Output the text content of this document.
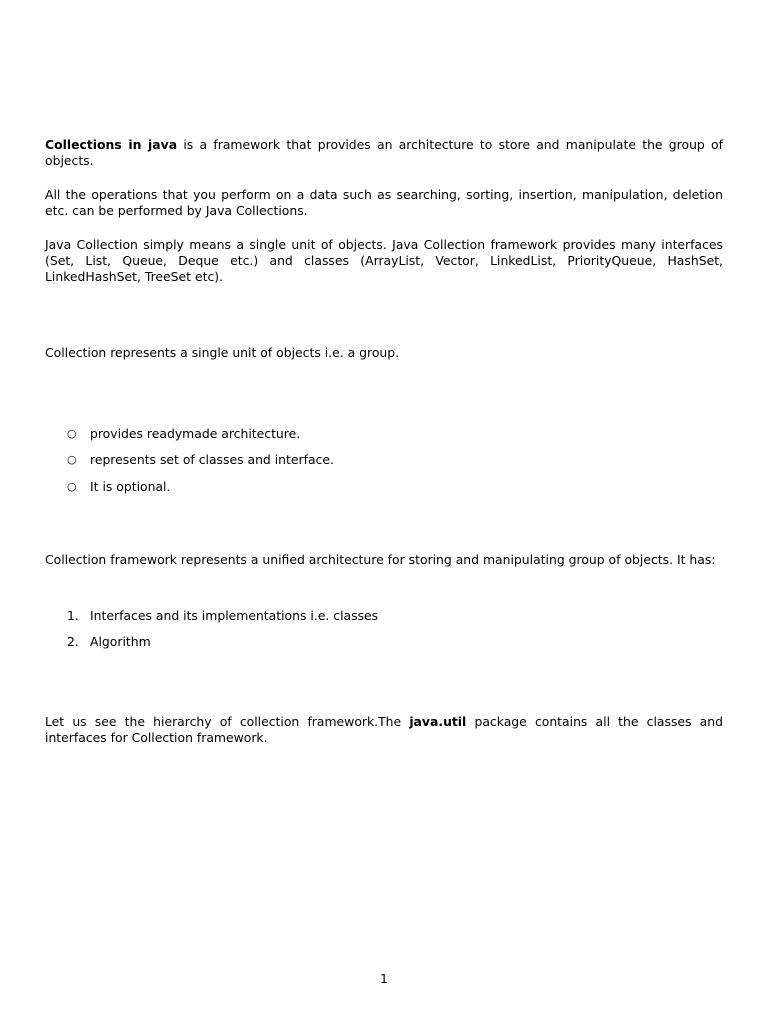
Collections in java is a framework that provides an architecture to store and manipulate the group of objects.

All the operations that you perform on a data such as searching, sorting, insertion, manipulation, deletion etc. can be performed by Java Collections.

Java Collection simply means a single unit of objects. Java Collection framework provides many interfaces (Set, List, Queue, Deque etc.) and classes (ArrayList, Vector, LinkedList, PriorityQueue, HashSet, LinkedHashSet, TreeSet etc).

Collection represents a single unit of objects i.e. a group.

○ provides readymade architecture.
○ represents set of classes and interface.
○ It is optional.

Collection framework represents a unified architecture for storing and manipulating group of objects. It has:

1. Interfaces and its implementations i.e. classes
2. Algorithm

Let us see the hierarchy of collection framework.The java.util package contains all the classes and interfaces for Collection framework.

1
